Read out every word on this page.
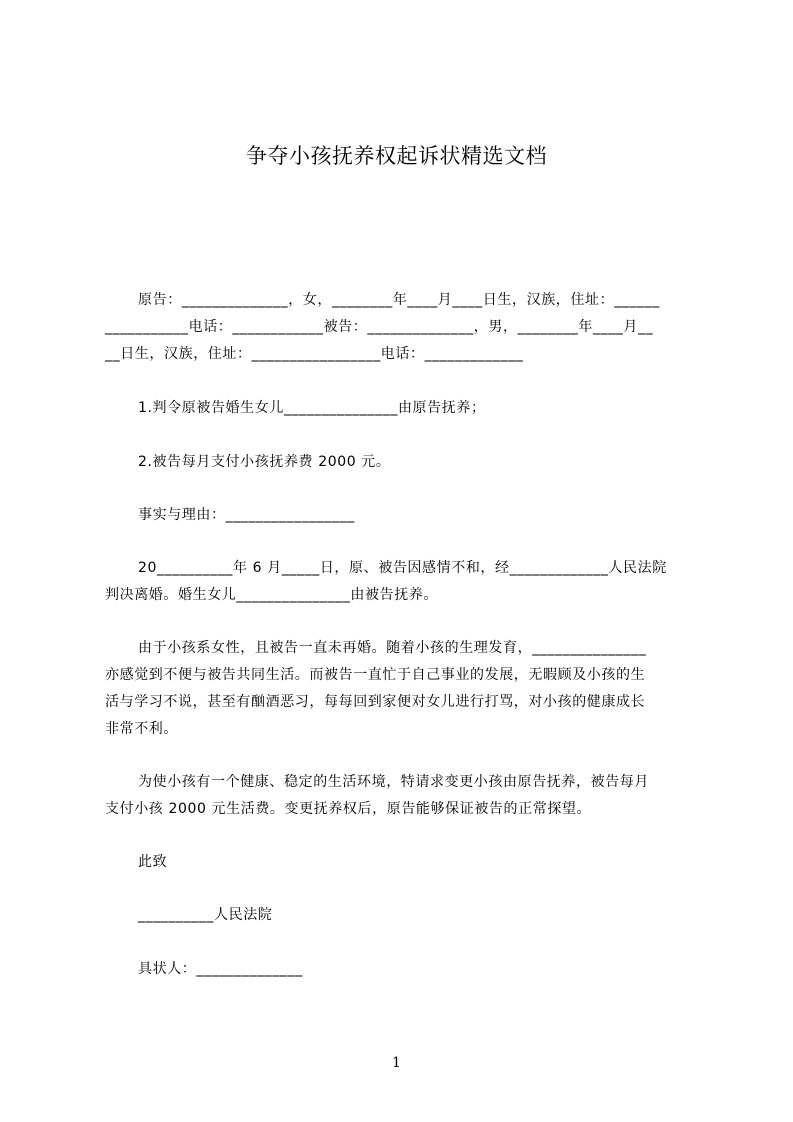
争夺小孩抚养权起诉状精选文档
原告：______________，女，________年____月____日生，汉族，住址：______
___________电话：____________被告：______________，男，________年____月__
__日生，汉族，住址：_________________电话：_____________
1.判令原被告婚生女儿_______________由原告抚养；
2.被告每月支付小孩抚养费 2000 元。
事实与理由：_________________
20__________年 6 月_____日，原、被告因感情不和，经_____________人民法院
判决离婚。婚生女儿_______________由被告抚养。
由于小孩系女性，且被告一直未再婚。随着小孩的生理发育，_______________
亦感觉到不便与被告共同生活。而被告一直忙于自己事业的发展，无暇顾及小孩的生
活与学习不说，甚至有酗酒恶习，每每回到家便对女儿进行打骂，对小孩的健康成长
非常不利。
为使小孩有一个健康、稳定的生活环境，特请求变更小孩由原告抚养，被告每月
支付小孩 2000 元生活费。变更抚养权后，原告能够保证被告的正常探望。
此致
__________人民法院
具状人：______________
1
